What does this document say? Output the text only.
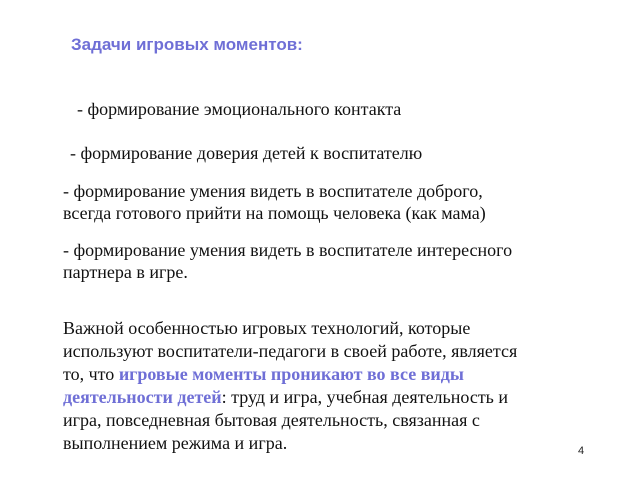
Задачи игровых моментов:
- формирование эмоционального контакта
- формирование доверия детей к воспитателю
- формирование умения видеть в воспитателе доброго,
всегда готового прийти на помощь человека (как мама)
- формирование умения видеть в воспитателе интересного
партнера в игре.
Важной особенностью игровых технологий, которые
используют воспитатели-педагоги в своей работе, является
то, что игровые моменты проникают во все виды
деятельности детей: труд и игра, учебная деятельность и
игра, повседневная бытовая деятельность, связанная с
выполнением режима и игра.	4
